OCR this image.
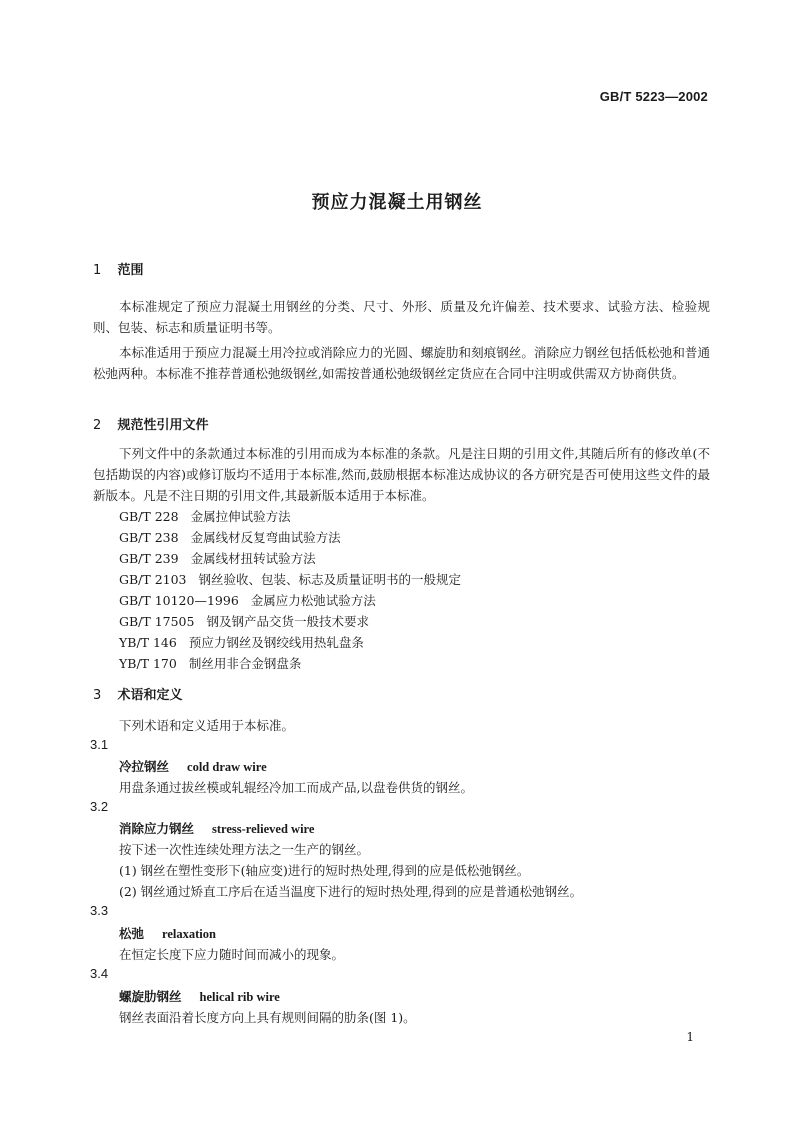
GB/T 5223—2002
预应力混凝土用钢丝
1 范围
本标准规定了预应力混凝土用钢丝的分类、尺寸、外形、质量及允许偏差、技术要求、试验方法、检验规则、包装、标志和质量证明书等。
本标准适用于预应力混凝土用冷拉或消除应力的光圆、螺旋肋和刻痕钢丝。消除应力钢丝包括低松弛和普通松弛两种。本标准不推荐普通松弛级钢丝,如需按普通松弛级钢丝定货应在合同中注明或供需双方协商供货。
2 规范性引用文件
下列文件中的条款通过本标准的引用而成为本标准的条款。凡是注日期的引用文件,其随后所有的修改单(不包括勘误的内容)或修订版均不适用于本标准,然而,鼓励根据本标准达成协议的各方研究是否可使用这些文件的最新版本。凡是不注日期的引用文件,其最新版本适用于本标准。
GB/T 228 金属拉伸试验方法
GB/T 238 金属线材反复弯曲试验方法
GB/T 239 金属线材扭转试验方法
GB/T 2103 钢丝验收、包装、标志及质量证明书的一般规定
GB/T 10120—1996 金属应力松弛试验方法
GB/T 17505 钢及钢产品交货一般技术要求
YB/T 146 预应力钢丝及钢绞线用热轧盘条
YB/T 170 制丝用非合金钢盘条
3 术语和定义
下列术语和定义适用于本标准。
3.1
冷拉钢丝 cold draw wire
用盘条通过拔丝模或轧辊经冷加工而成产品,以盘卷供货的钢丝。
3.2
消除应力钢丝 stress-relieved wire
按下述一次性连续处理方法之一生产的钢丝。
(1) 钢丝在塑性变形下(轴应变)进行的短时热处理,得到的应是低松弛钢丝。
(2) 钢丝通过矫直工序后在适当温度下进行的短时热处理,得到的应是普通松弛钢丝。
3.3
松弛 relaxation
在恒定长度下应力随时间而减小的现象。
3.4
螺旋肋钢丝 helical rib wire
钢丝表面沿着长度方向上具有规则间隔的肋条(图 1)。
1
